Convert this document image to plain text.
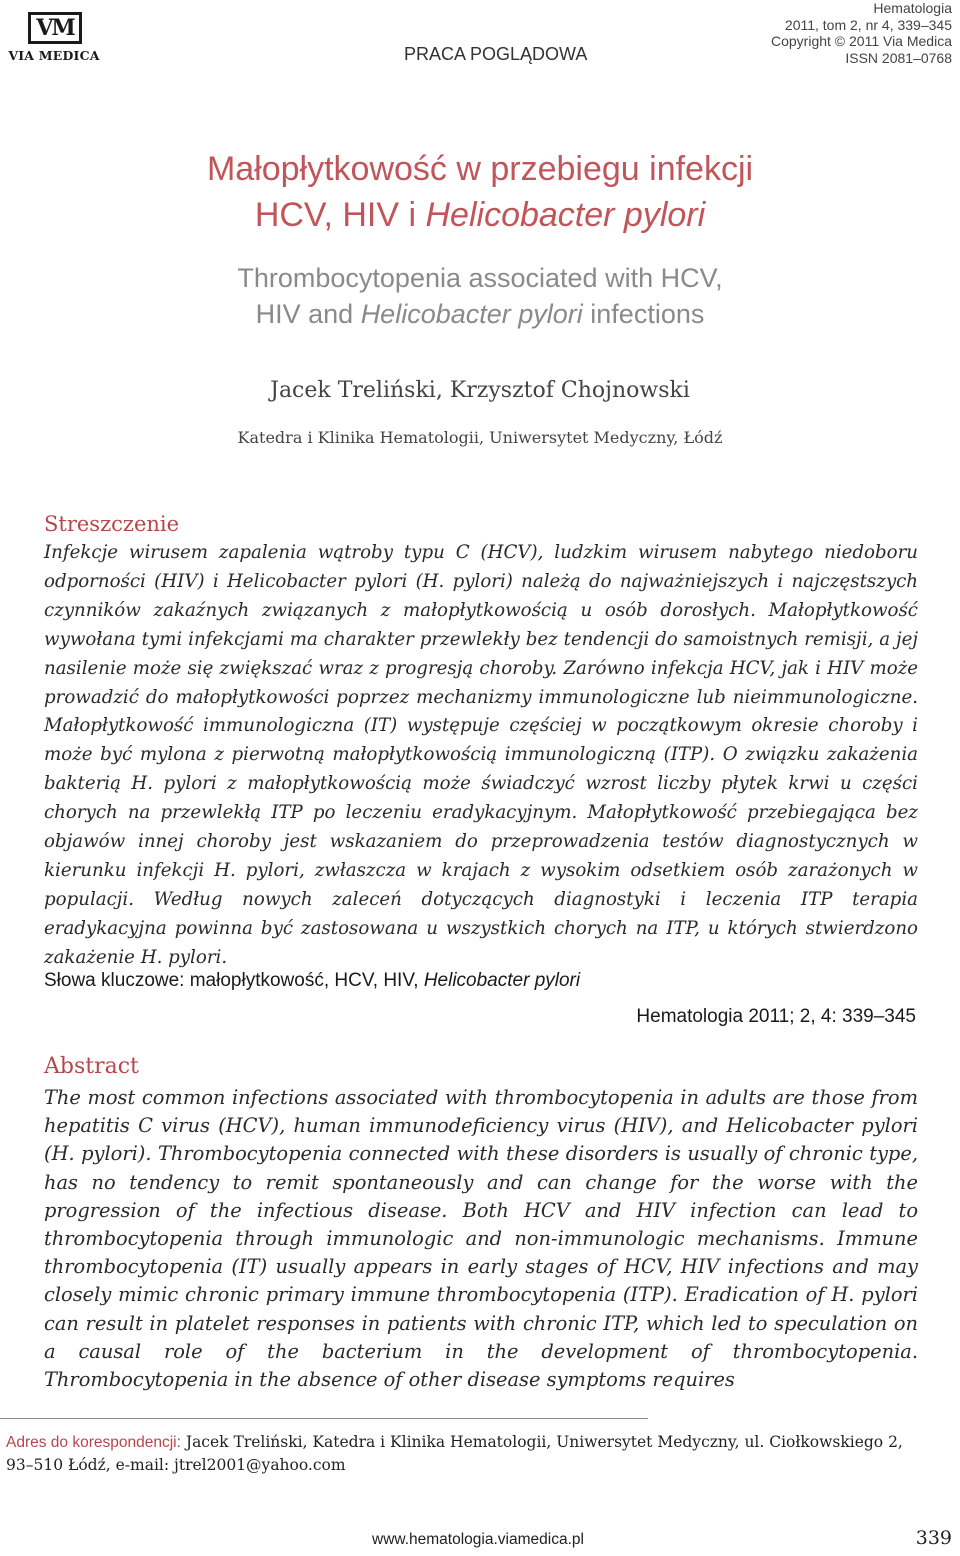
VM
VIA MEDICA	PRACA POGLĄDOWA
Hematologia
2011, tom 2, nr 4, 339–345
Copyright © 2011 Via Medica
ISSN 2081–0768
Małopłytkowość w przebiegu infekcji
HCV, HIV i Helicobacter pylori
Thrombocytopenia associated with HCV,
HIV and Helicobacter pylori infections
Jacek Treliński, Krzysztof Chojnowski
Katedra i Klinika Hematologii, Uniwersytet Medyczny, Łódź
Streszczenie
Infekcje wirusem zapalenia wątroby typu C (HCV), ludzkim wirusem nabytego niedoboru odporności (HIV) i Helicobacter pylori (H. pylori) należą do najważniejszych i najczęstszych czynników zakaźnych związanych z małopłytkowością u osób dorosłych. Małopłytkowość wywołana tymi infekcjami ma charakter przewlekły bez tendencji do samoistnych remisji, a jej nasilenie może się zwiększać wraz z progresją choroby. Zarówno infekcja HCV, jak i HIV może prowadzić do małopłytkowości poprzez mechanizmy immunologiczne lub nieimmunologiczne. Małopłytkowość immunologiczna (IT) występuje częściej w początkowym okresie choroby i może być mylona z pierwotną małopłytkowością immunologiczną (ITP). O związku zakażenia bakterią H. pylori z małopłytkowością może świadczyć wzrost liczby płytek krwi u części chorych na przewlekłą ITP po leczeniu eradykacyjnym. Małopłytkowość przebiegająca bez objawów innej choroby jest wskazaniem do przeprowadzenia testów diagnostycznych w kierunku infekcji H. pylori, zwłaszcza w krajach z wysokim odsetkiem osób zarażonych w populacji. Według nowych zaleceń dotyczących diagnostyki i leczenia ITP terapia eradykacyjna powinna być zastosowana u wszystkich chorych na ITP, u których stwierdzono zakażenie H. pylori.
Słowa kluczowe: małopłytkowość, HCV, HIV, Helicobacter pylori
Hematologia 2011; 2, 4: 339–345
Abstract
The most common infections associated with thrombocytopenia in adults are those from hepatitis C virus (HCV), human immunodeficiency virus (HIV), and Helicobacter pylori (H. pylori). Thrombocytopenia connected with these disorders is usually of chronic type, has no tendency to remit spontaneously and can change for the worse with the progression of the infectious disease. Both HCV and HIV infection can lead to thrombocytopenia through immunologic and non-immunologic mechanisms. Immune thrombocytopenia (IT) usually appears in early stages of HCV, HIV infections and may closely mimic chronic primary immune thrombocytopenia (ITP). Eradication of H. pylori can result in platelet responses in patients with chronic ITP, which led to speculation on a causal role of the bacterium in the development of thrombocytopenia. Thrombocytopenia in the absence of other disease symptoms requires
Adres do korespondencji: Jacek Treliński, Katedra i Klinika Hematologii, Uniwersytet Medyczny, ul. Ciołkowskiego 2, 93–510 Łódź, e-mail: jtrel2001@yahoo.com
www.hematologia.viamedica.pl	339
